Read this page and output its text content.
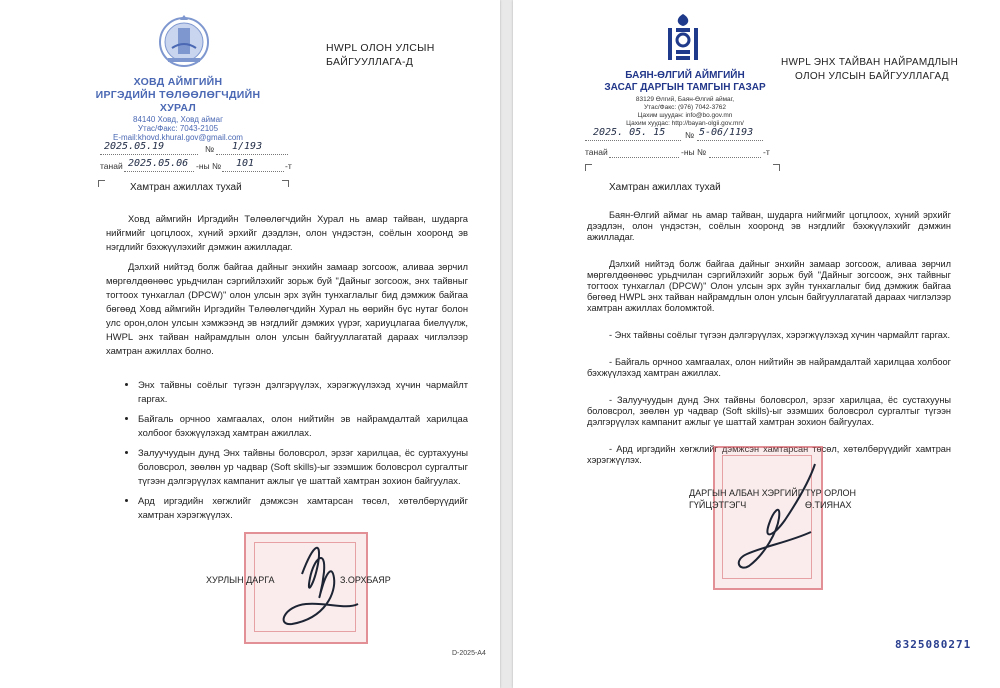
ХОВД АЙМГИЙН
ИРГЭДИЙН ТӨЛӨӨЛӨГЧДИЙН
ХУРАЛ
84140 Ховд, Ховд аймаг
Утас/Факс: 7043-2105
E-mail:khovd.khural.gov@gmail.com
HWPL ОЛОН УЛСЫН
БАЙГУУЛЛАГА-Д
2025.05.19	№ 1/193
танай 2025.05.06 -ны № 101	-т
Хамтран ажиллах тухай

Ховд аймгийн Иргэдийн Төлөөлөгчдийн Хурал нь амар тайван, шударга нийгмийг цогцлоох, хүний эрхийг дээдлэн, олон үндэстэн, соёлын хооронд эв нэгдлийг бэхжүүлэхийг дэмжин ажилладаг.

Дэлхий нийтэд болж байгаа дайныг энхийн замаар зогсоож, аливаа зөрчил мөргөлдөөнөөс урьдчилан сэргийлэхийг зорьж буй "Дайныг зогсоож, энх тайвныг тогтоох тунхаглал (DPCW)" олон улсын эрх зүйн тунхаглалыг бид дэмжиж байгаа бөгөөд Ховд аймгийн Иргэдийн Төлөөлөгчдийн Хурал нь өөрийн бүс нутаг болон улс орон,олон улсын хэмжээнд эв нэгдлийг дэмжих үүрэг, хариуцлагаа биелүүлж, HWPL энх тайван найрамдлын олон улсын байгууллагатай дараах чиглэлээр хамтран ажиллах болно.

• Энх тайвны соёлыг түгээн дэлгэрүүлэх, хэрэгжүүлэхэд хүчин чармайлт гаргах.
• Байгаль орчноо хамгаалах, олон нийтийн эв найрамдалтай харилцаа холбоог бэхжүүлэхэд хамтран ажиллах.
• Залуучуудын дунд Энх тайвны боловсрол, эрзэг харилцаа, ёс суртахууны боловсрол, зөөлөн ур чадвар (Soft skills)-ыг эзэмшиж боловсрол сургалтыг түгээн дэлгэрүүлэх кампанит ажлыг үе шаттай хамтран зохион байгуулах.
• Ард иргэдийн хөгжлийг дэмжсэн хамтарсан төсөл, хөтөлбөрүүдийг хамтран хэрэгжүүлэх.
ХУРЛЫН ДАРГА	З.ОРХБАЯР
D-2025-A4
БАЯН-ӨЛГИЙ АЙМГИЙН
ЗАСАГ ДАРГЫН ТАМГЫН ГАЗАР
83129 Өлгий, Баян-Өлгий аймаг,
Утас/Факс: (976) 7042-3762
Цахим шуудан: info@bo.gov.mn
Цахим хуудас: http://bayan-olgii.gov.mn/
HWPL ЭНХ ТАЙВАН НАЙРАМДЛЫН
ОЛОН УЛСЫН БАЙГУУЛЛАГАД
2025. 05. 15 № 5-06/1193
танай	-ны №	-т
Хамтран ажиллах тухай

Баян-Өлгий аймаг нь амар тайван, шударга нийгмийг цогцлоох, хүний эрхийг дээдлэн, олон үндэстэн, соёлын хооронд эв нэгдлийг бэхжүүлэхийг дэмжин ажилладаг.

Дэлхий нийтэд болж байгаа дайныг энхийн замаар зогсоож, аливаа зөрчил мөргөлдөөнөөс урьдчилан сэргийлэхийг зорьж буй "Дайныг зогсоож, энх тайвныг тогтоох тунхаглал (DPCW)" Олон улсын эрх зүйн тунхаглалыг бид дэмжиж байгаа бөгөөд HWPL энх тайван найрамдлын олон улсын байгууллагатай дараах чиглэлээр хамтран ажиллах боломжтой.

- Энх тайвны соёлыг түгээн дэлгэрүүлэх, хэрэгжүүлэхэд хүчин чармайлт гаргах.

- Байгаль орчноо хамгаалах, олон нийтийн эв найрамдалтай харилцаа холбоог бэхжүүлэхэд хамтран ажиллах.

- Залуучуудын дунд Энх тайвны боловсрол, эрзэг харилцаа, ёс сустахууны боловсрол, зөөлөн ур чадвар (Soft skills)-ыг эзэмших боловсрол сургалтыг түгээн дэлгэрүүлэх кампанит ажлыг үе шаттай хамтран зохион байгуулах.

- Ард иргэдийн хөгжлийг дэмжсэн хамтарсан төсөл, хөтөлбөрүүдийг хамтран хэрэгжүүлэх.

ДАРГЫН АЛБАН ХЭРГИЙГ ТҮР ОРЛОН
ГҮЙЦЭТГЭГЧ	Ө.ТИЯНАХ
8325080271
